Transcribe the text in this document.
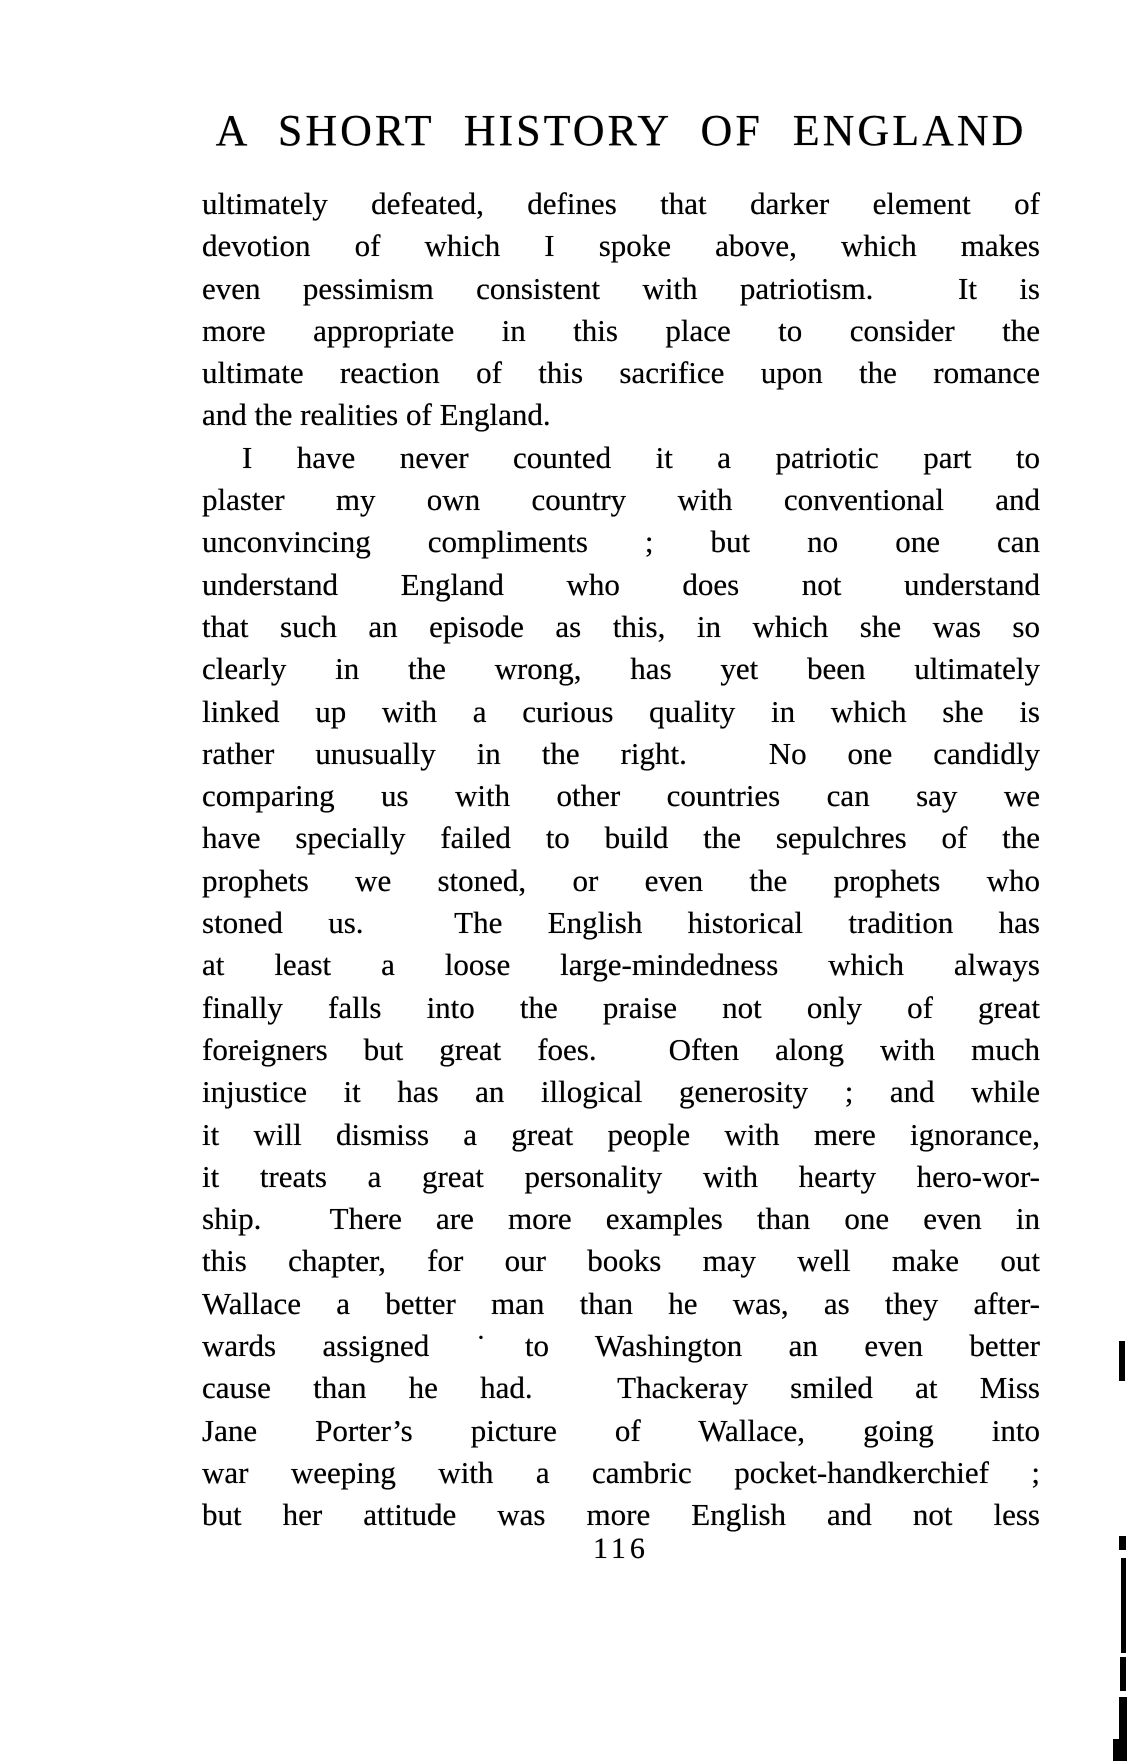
A SHORT HISTORY OF ENGLAND
ultimately defeated, defines that darker element of
devotion of which I spoke above, which makes
even pessimism consistent with patriotism.  It is
more appropriate in this place to consider the
ultimate reaction of this sacrifice upon the romance
and the realities of England.
I have never counted it a patriotic part to
plaster my own country with conventional and
unconvincing compliments ; but no one can
understand England who does not understand
that such an episode as this, in which she was so
clearly in the wrong, has yet been ultimately
linked up with a curious quality in which she is
rather unusually in the right.  No one candidly
comparing us with other countries can say we
have specially failed to build the sepulchres of the
prophets we stoned, or even the prophets who
stoned us.  The English historical tradition has
at least a loose large-mindedness which always
finally falls into the praise not only of great
foreigners but great foes.  Often along with much
injustice it has an illogical generosity ; and while
it will dismiss a great people with mere ignorance,
it treats a great personality with hearty hero-wor-
ship.  There are more examples than one even in
this chapter, for our books may well make out
Wallace a better man than he was, as they after-
wards assigned ˙to Washington an even better
cause than he had.  Thackeray smiled at Miss
Jane Porter’s picture of Wallace, going into
war weeping with a cambric pocket-handkerchief ;
but her attitude was more English and not less
116
